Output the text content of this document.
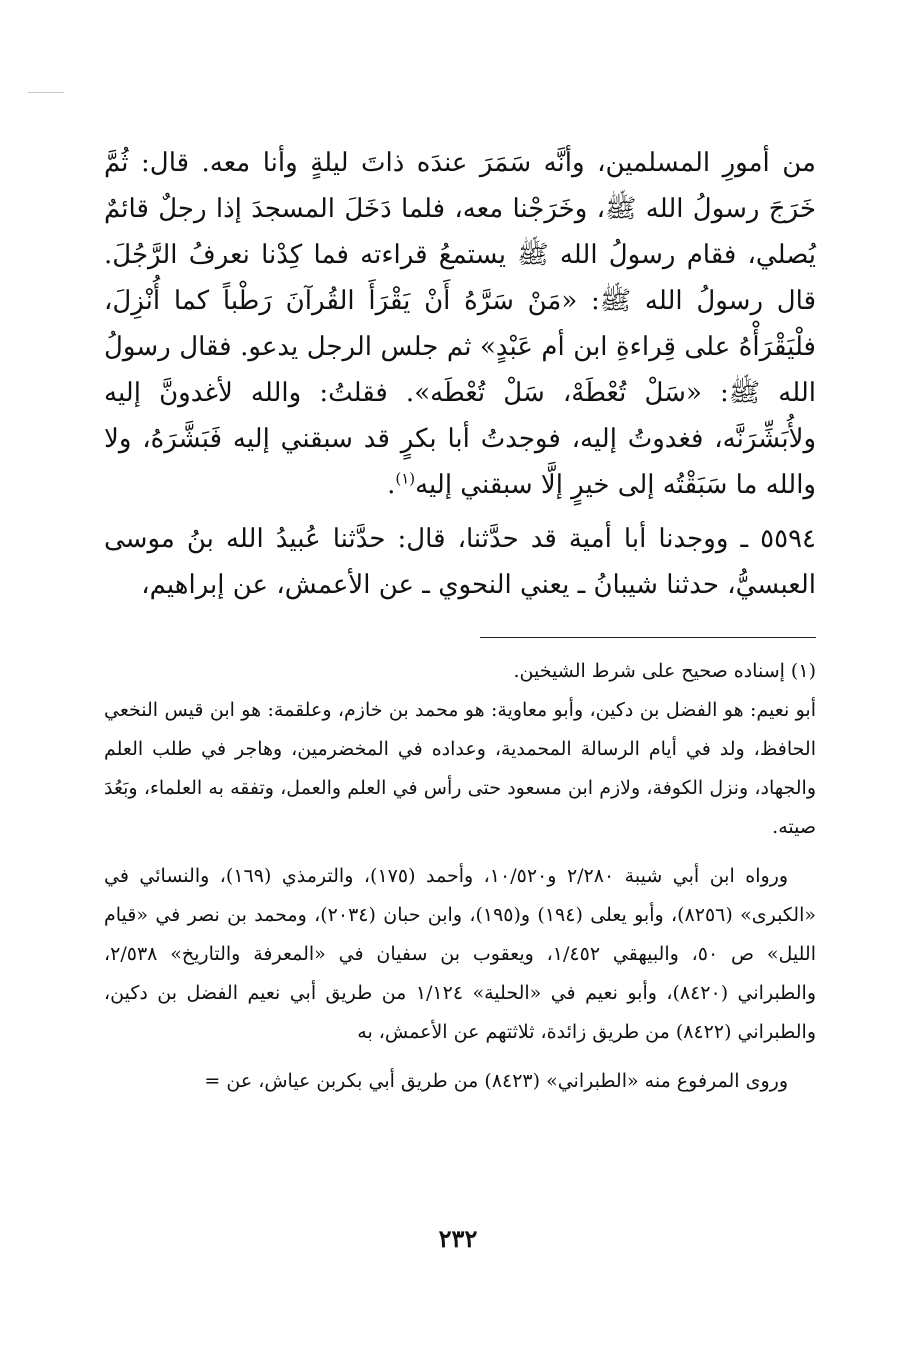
من أمورِ المسلمين، وأنَّه سَمَرَ عندَه ذاتَ ليلةٍ وأنا معه. قال: ثُمَّ خَرَجَ رسولُ الله ﷺ، وخَرَجْنا معه، فلما دَخَلَ المسجدَ إذا رجلٌ قائمٌ يُصلي، فقام رسولُ الله ﷺ يستمعُ قراءته فما كِدْنا نعرفُ الرَّجُلَ. قال رسولُ الله ﷺ: «مَنْ سَرَّهُ أَنْ يَقْرَأَ القُرآنَ رَطْباً كما أُنْزِلَ، فلْيَقْرَأْهُ على قِراءةِ ابن أم عَبْدٍ» ثم جلس الرجل يدعو. فقال رسولُ الله ﷺ: «سَلْ تُعْطَهْ، سَلْ تُعْطَه». فقلتُ: والله لأغدونَّ إليه ولأُبَشِّرَنَّه، فغدوتُ إليه، فوجدتُ أبا بكرٍ قد سبقني إليه فَبَشَّرَهُ، ولا والله ما سَبَقْتُه إلى خيرٍ إلَّا سبقني إليه$^{(١)}$.

٥٥٩٤ ـ ووجدنا أبا أمية قد حدَّثنا، قال: حدَّثنا عُبيدُ الله بنُ موسى العبسيُّ، حدثنا شيبانُ ـ يعني النحوي ـ عن الأعمش، عن إبراهيم،

(١) إسناده صحيح على شرط الشيخين.

أبو نعيم: هو الفضل بن دكين، وأبو معاوية: هو محمد بن خازم، وعلقمة: هو ابن قيس النخعي الحافظ، ولد في أيام الرسالة المحمدية، وعداده في المخضرمين، وهاجر في طلب العلم والجهاد، ونزل الكوفة، ولازم ابن مسعود حتى رأس في العلم والعمل، وتفقه به العلماء، وبَعُدَ صيته.

ورواه ابن أبي شيبة ٢/٢٨٠ و١٠/٥٢٠، وأحمد (١٧٥)، والترمذي (١٦٩)، والنسائي في «الكبرى» (٨٢٥٦)، وأبو يعلى (١٩٤) و(١٩٥)، وابن حبان (٢٠٣٤)، ومحمد بن نصر في «قيام الليل» ص ٥٠، والبيهقي ١/٤٥٢، ويعقوب بن سفيان في «المعرفة والتاريخ» ٢/٥٣٨، والطبراني (٨٤٢٠)، وأبو نعيم في «الحلية» ١/١٢٤ من طريق أبي نعيم الفضل بن دكين، والطبراني (٨٤٢٢) من طريق زائدة، ثلاثتهم عن الأعمش، به

وروى المرفوع منه «الطبراني» (٨٤٢٣) من طريق أبي بكربن عياش، عن =

٢٣٢
